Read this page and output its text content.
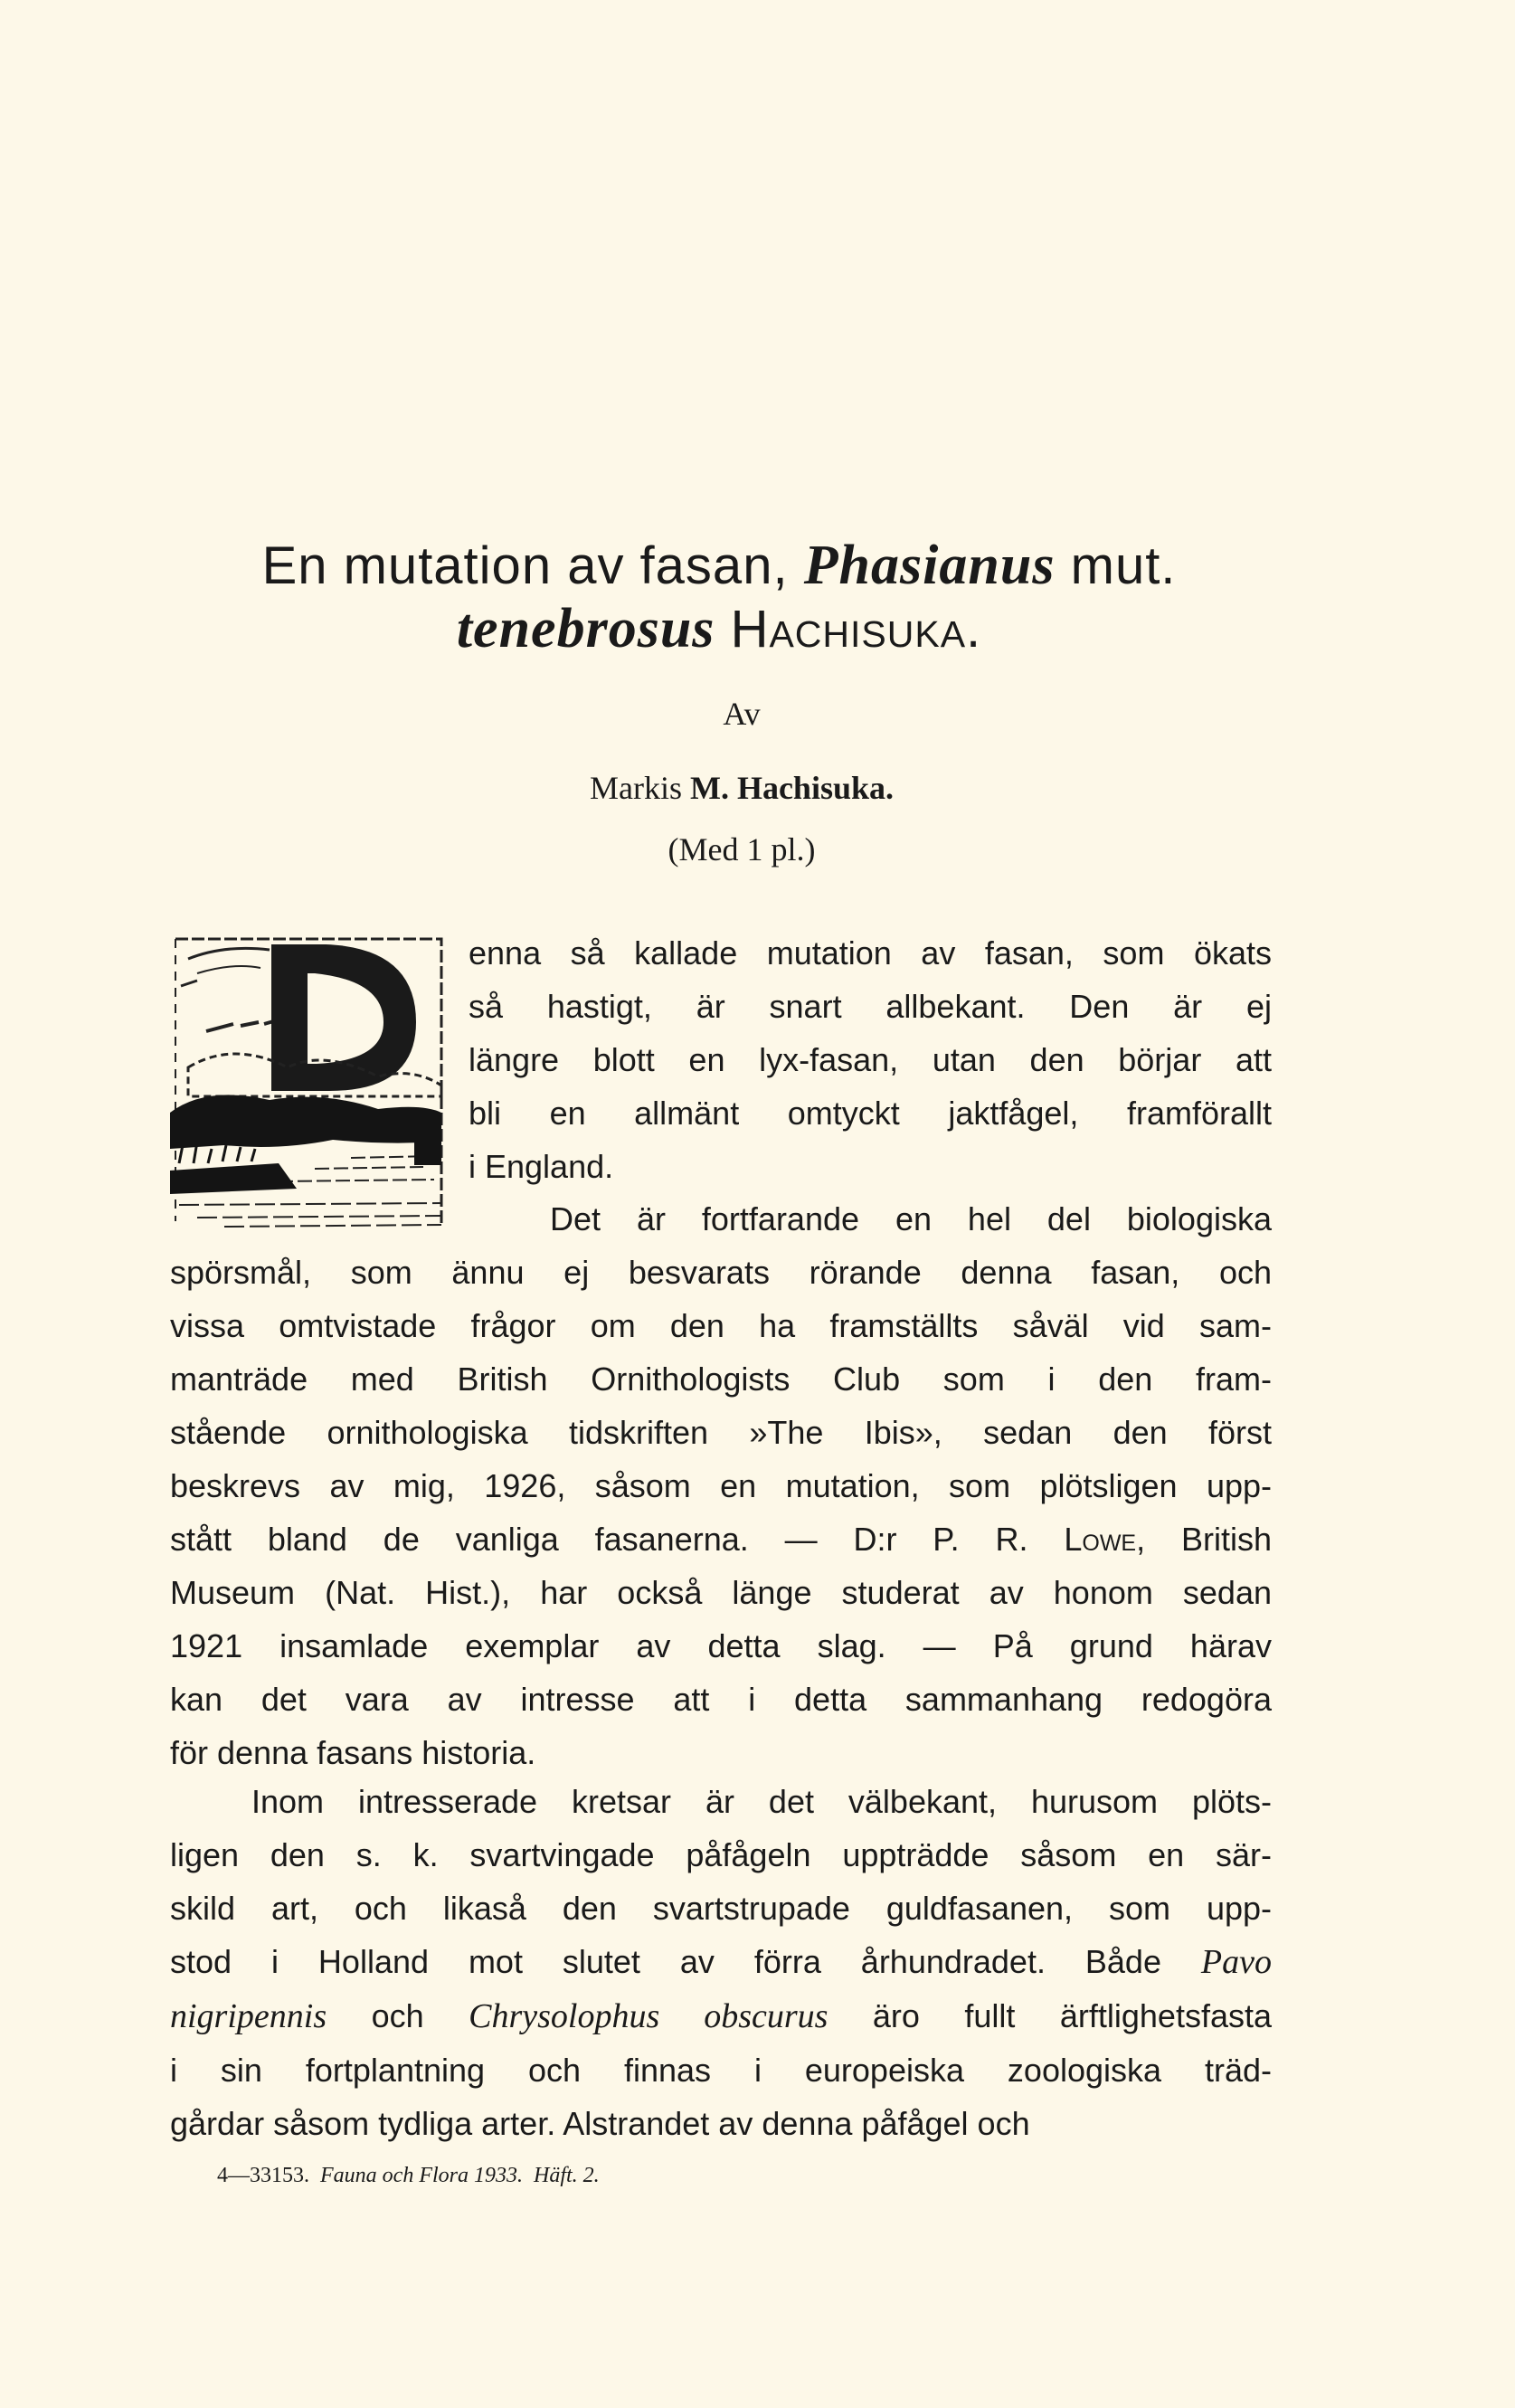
En mutation av fasan, Phasianus mut.
tenebrosus Hachisuka.

Av

Markis M. Hachisuka.

(Med 1 pl.)

enna så kallade mutation av fasan, som ökats
så hastigt, är snart allbekant. Den är ej
längre blott en lyx-fasan, utan den börjar att
bli en allmänt omtyckt jaktfågel, framförallt
i England.
Det är fortfarande en hel del biologiska
spörsmål, som ännu ej besvarats rörande denna fasan, och
vissa omtvistade frågor om den ha framställts såväl vid sam-
manträde med British Ornithologists Club som i den fram-
stående ornithologiska tidskriften »The Ibis», sedan den först
beskrevs av mig, 1926, såsom en mutation, som plötsligen upp-
stått bland de vanliga fasanerna. — D:r P. R. Lowe, British
Museum (Nat. Hist.), har också länge studerat av honom sedan
1921 insamlade exemplar av detta slag. — På grund härav
kan det vara av intresse att i detta sammanhang redogöra
för denna fasans historia.
Inom intresserade kretsar är det välbekant, hurusom plöts-
ligen den s. k. svartvingade påfågeln uppträdde såsom en sär-
skild art, och likaså den svartstrupade guldfasanen, som upp-
stod i Holland mot slutet av förra århundradet. Både Pavo
nigripennis och Chrysolophus obscurus äro fullt ärftlighetsfasta
i sin fortplantning och finnas i europeiska zoologiska träd-
gårdar såsom tydliga arter. Alstrandet av denna påfågel och

4—33153. Fauna och Flora 1933. Häft. 2.
